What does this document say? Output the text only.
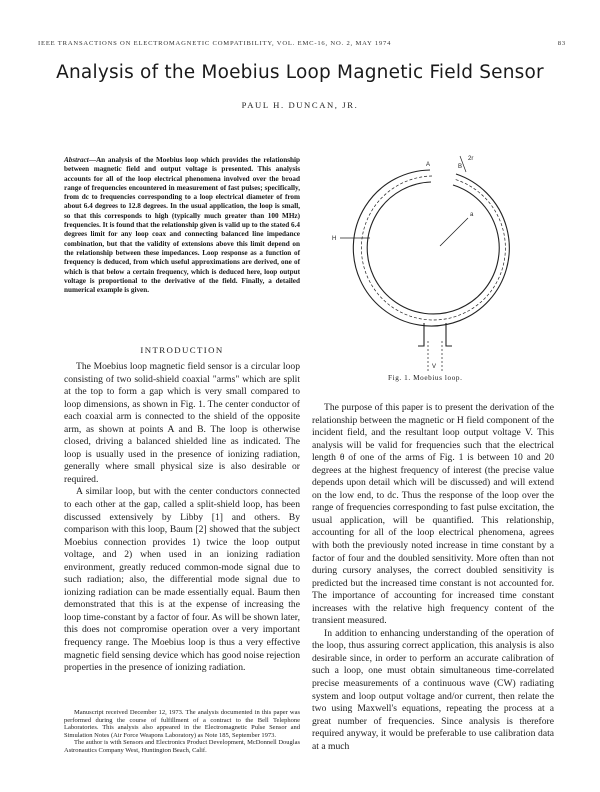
IEEE TRANSACTIONS ON ELECTROMAGNETIC COMPATIBILITY, VOL. EMC-16, NO. 2, MAY 1974	83
Analysis of the Moebius Loop Magnetic Field Sensor
PAUL H. DUNCAN, JR.
Abstract—An analysis of the Moebius loop which provides the relationship between magnetic field and output voltage is presented. This analysis accounts for all of the loop electrical phenomena involved over the broad range of frequencies encountered in measurement of fast pulses; specifically, from dc to frequencies corresponding to a loop electrical diameter of from about 6.4 degrees to 12.8 degrees. In the usual application, the loop is small, so that this corresponds to high (typically much greater than 100 MHz) frequencies. It is found that the relationship given is valid up to the stated 6.4 degrees limit for any loop coax and connecting balanced line impedance combination, but that the validity of extensions above this limit depend on the relationship between these impedances. Loop response as a function of frequency is deduced, from which useful approximations are derived, one of which is that below a certain frequency, which is deduced here, loop output voltage is proportional to the derivative of the field. Finally, a detailed numerical example is given.
INTRODUCTION

The Moebius loop magnetic field sensor is a circular loop consisting of two solid-shield coaxial "arms" which are split at the top to form a gap which is very small compared to loop dimensions, as shown in Fig. 1. The center conductor of each coaxial arm is connected to the shield of the opposite arm, as shown at points A and B. The loop is otherwise closed, driving a balanced shielded line as indicated. The loop is usually used in the presence of ionizing radiation, generally where small physical size is also desirable or required.

A similar loop, but with the center conductors connected to each other at the gap, called a split-shield loop, has been discussed extensively by Libby [1] and others. By comparison with this loop, Baum [2] showed that the subject Moebius connection provides 1) twice the loop output voltage, and 2) when used in an ionizing radiation environment, greatly reduced common-mode signal due to such radiation; also, the differential mode signal due to ionizing radiation can be made essentially equal. Baum then demonstrated that this is at the expense of increasing the loop time-constant by a factor of four. As will be shown later, this does not compromise operation over a very important frequency range. The Moebius loop is thus a very effective magnetic field sensing device which has good noise rejection properties in the presence of ionizing radiation.

Manuscript received December 12, 1973. The analysis documented in this paper was performed during the course of fulfillment of a contract to the Bell Telephone Laboratories. This analysis also appeared in the Electromagnetic Pulse Sensor and Simulation Notes (Air Force Weapons Laboratory) as Note 185, September 1973.

The author is with Sensors and Electronics Product Development, McDonnell Douglas Astronautics Company West, Huntington Beach, Calif.

A	B
2r
a
H
V
Fig. 1. Moebius loop.

The purpose of this paper is to present the derivation of the relationship between the magnetic or H field component of the incident field, and the resultant loop output voltage V. This analysis will be valid for frequencies such that the electrical length θ of one of the arms of Fig. 1 is between 10 and 20 degrees at the highest frequency of interest (the precise value depends upon detail which will be discussed) and will extend on the low end, to dc. Thus the response of the loop over the range of frequencies corresponding to fast pulse excitation, the usual application, will be quantified. This relationship, accounting for all of the loop electrical phenomena, agrees with both the previously noted increase in time constant by a factor of four and the doubled sensitivity. More often than not during cursory analyses, the correct doubled sensitivity is predicted but the increased time constant is not accounted for. The importance of accounting for increased time constant increases with the relative high frequency content of the transient measured.

In addition to enhancing understanding of the operation of the loop, thus assuring correct application, this analysis is also desirable since, in order to perform an accurate calibration of such a loop, one must obtain simultaneous time-correlated precise measurements of a continuous wave (CW) radiating system and loop output voltage and/or current, then relate the two using Maxwell's equations, repeating the process at a great number of frequencies. Since analysis is therefore required anyway, it would be preferable to use calibration data at a much
